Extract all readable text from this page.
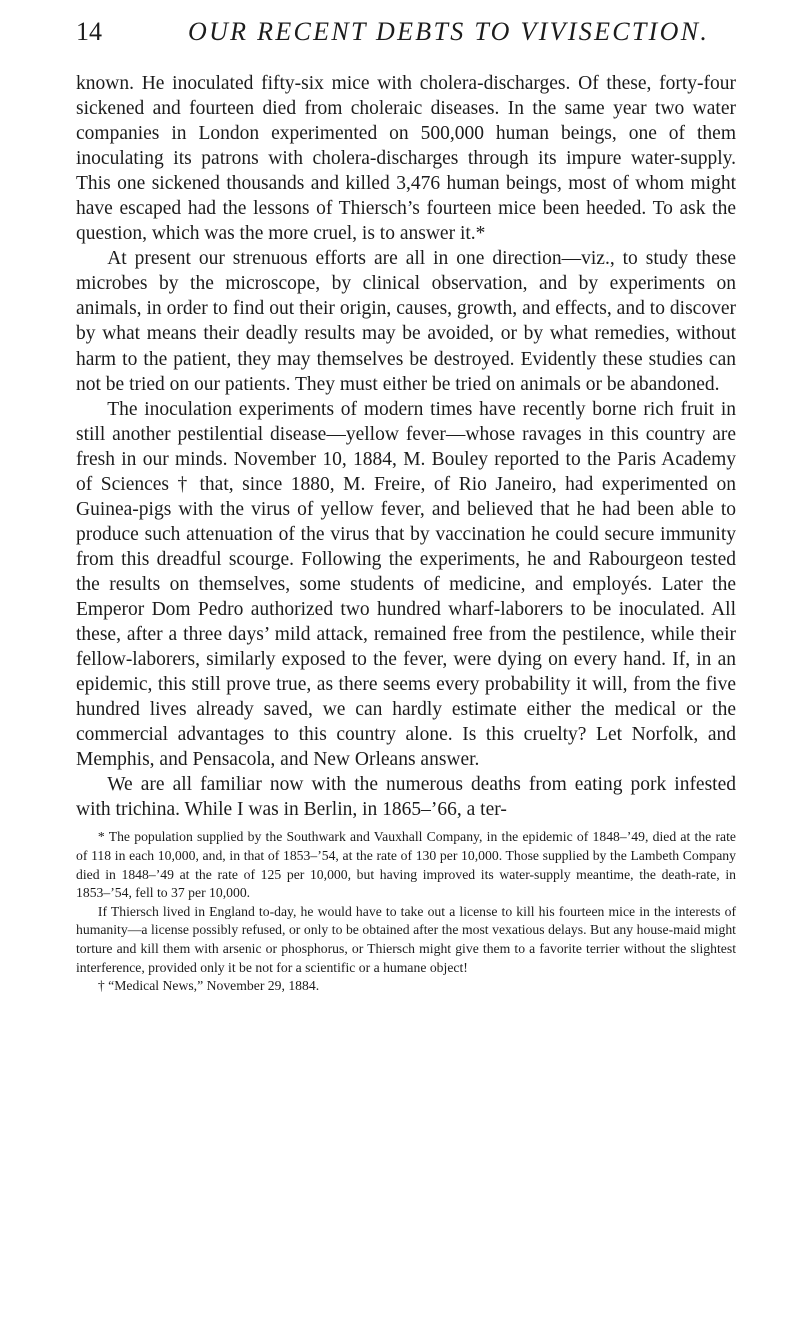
14	OUR RECENT DEBTS TO VIVISECTION.

known. He inoculated fifty-six mice with cholera-discharges. Of these, forty-four sickened and fourteen died from choleraic diseases. In the same year two water companies in London experimented on 500,000 human beings, one of them inoculating its patrons with cholera-discharges through its impure water-supply. This one sickened thousands and killed 3,476 human beings, most of whom might have escaped had the lessons of Thiersch’s fourteen mice been heeded. To ask the question, which was the more cruel, is to answer it.*

At present our strenuous efforts are all in one direction—viz., to study these microbes by the microscope, by clinical observation, and by experiments on animals, in order to find out their origin, causes, growth, and effects, and to discover by what means their deadly results may be avoided, or by what remedies, without harm to the patient, they may themselves be destroyed. Evidently these studies can not be tried on our patients. They must either be tried on animals or be abandoned.

The inoculation experiments of modern times have recently borne rich fruit in still another pestilential disease—yellow fever—whose ravages in this country are fresh in our minds. November 10, 1884, M. Bouley reported to the Paris Academy of Sciences † that, since 1880, M. Freire, of Rio Janeiro, had experimented on Guinea-pigs with the virus of yellow fever, and believed that he had been able to produce such attenuation of the virus that by vaccination he could secure immunity from this dreadful scourge. Following the experiments, he and Rabourgeon tested the results on themselves, some students of medicine, and employés. Later the Emperor Dom Pedro authorized two hundred wharf-laborers to be inoculated. All these, after a three days’ mild attack, remained free from the pestilence, while their fellow-laborers, similarly exposed to the fever, were dying on every hand. If, in an epidemic, this still prove true, as there seems every probability it will, from the five hundred lives already saved, we can hardly estimate either the medical or the commercial advantages to this country alone. Is this cruelty? Let Norfolk, and Memphis, and Pensacola, and New Orleans answer.

We are all familiar now with the numerous deaths from eating pork infested with trichina. While I was in Berlin, in 1865–’66, a ter-

* The population supplied by the Southwark and Vauxhall Company, in the epidemic of 1848–’49, died at the rate of 118 in each 10,000, and, in that of 1853–’54, at the rate of 130 per 10,000. Those supplied by the Lambeth Company died in 1848–’49 at the rate of 125 per 10,000, but having improved its water-supply meantime, the death-rate, in 1853–’54, fell to 37 per 10,000.

If Thiersch lived in England to-day, he would have to take out a license to kill his fourteen mice in the interests of humanity—a license possibly refused, or only to be obtained after the most vexatious delays. But any house-maid might torture and kill them with arsenic or phosphorus, or Thiersch might give them to a favorite terrier without the slightest interference, provided only it be not for a scientific or a humane object!

† “Medical News,” November 29, 1884.
